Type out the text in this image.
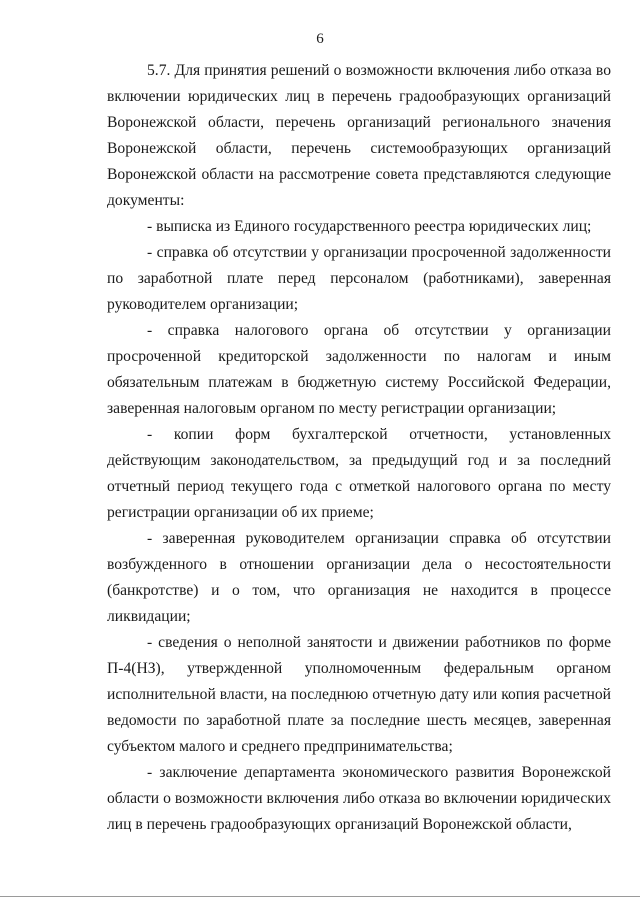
6

5.7. Для принятия решений о возможности включения либо отказа во включении юридических лиц в перечень градообразующих организаций Воронежской области, перечень организаций регионального значения Воронежской области, перечень системообразующих организаций Воронежской области на рассмотрение совета представляются следующие документы:

- выписка из Единого государственного реестра юридических лиц;

- справка об отсутствии у организации просроченной задолженности по заработной плате перед персоналом (работниками), заверенная руководителем организации;

- справка налогового органа об отсутствии у организации просроченной кредиторской задолженности по налогам и иным обязательным платежам в бюджетную систему Российской Федерации, заверенная налоговым органом по месту регистрации организации;

- копии форм бухгалтерской отчетности, установленных действующим законодательством, за предыдущий год и за последний отчетный период текущего года с отметкой налогового органа по месту регистрации организации об их приеме;

- заверенная руководителем организации справка об отсутствии возбужденного в отношении организации дела о несостоятельности (банкротстве) и о том, что организация не находится в процессе ликвидации;

- сведения о неполной занятости и движении работников по форме П-4(НЗ), утвержденной уполномоченным федеральным органом исполнительной власти, на последнюю отчетную дату или копия расчетной ведомости по заработной плате за последние шесть месяцев, заверенная субъектом малого и среднего предпринимательства;

- заключение департамента экономического развития Воронежской области о возможности включения либо отказа во включении юридических лиц в перечень градообразующих организаций Воронежской области,
